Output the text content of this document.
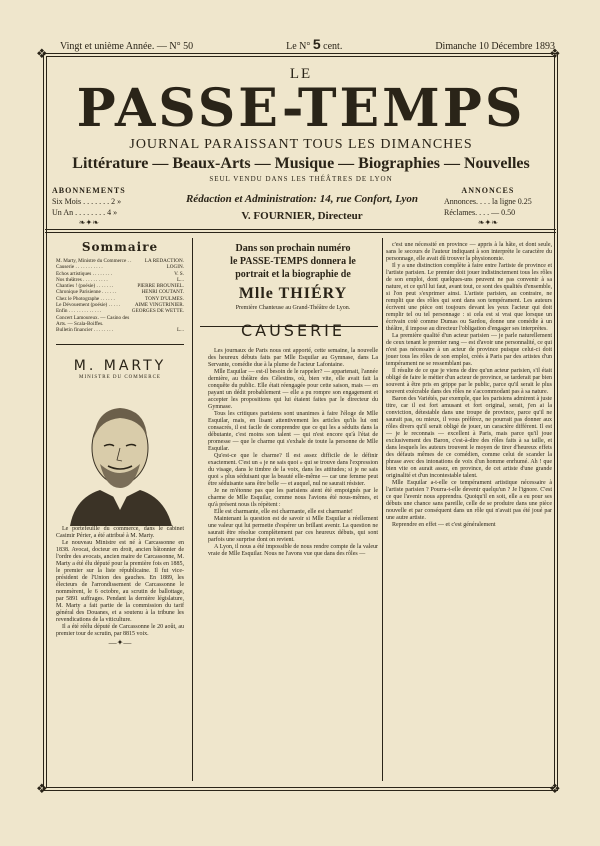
Vingt et unième Année. — N° 50	Le N° 5 cent.	Dimanche 10 Décembre 1893
❖	❖
❖	❖
LE
PASSE-TEMPS
JOURNAL PARAISSANT TOUS LES DIMANCHES
Littérature — Beaux-Arts — Musique — Biographies — Nouvelles
SEUL VENDU DANS LES THÉÂTRES DE LYON
ABONNEMENTS
Six Mois . . . . . . . 2 »
Un An . . . . . . . . 4 »
❧✦❧
ANNONCES
Annonces. . . . la ligne 0.25
Réclames. . . . — 0.50
❧✦❧
Rédaction et Administration: 14, rue Confort, Lyon
V. FOURNIER, Directeur
Sommaire
M. Marty, Ministre du Commerce . .	LA RÉDACTION.
Causerie . . . . . . . . . . .	LOGIN.
Échos artistiques . . . . . . . .	V. S.
Nos théâtres . . . . . . . . . .	L...
Chanties ! (poésie) . . . . . . .	PIERRE BROUNIEL.
Chronique Parisienne . . . . . .	HENRI COUTANT.
Chez le Photographe . . . . . .	TONY D'ULMÈS.
Le Dévouement (poésie) . . . . .	AIMÉ VINGTRINIER.
Enfin . . . . . . . . . . . . .	GEORGES DE WETTE.
Concert Lamoureux. — Casino des
Arts. — Scala-Boiffes.
Bulletin financier . . . . . . . .	L...
M. MARTY
MINISTRE DU COMMERCE

Le portefeuille du commerce, dans le cabinet Casimir Périer, a été attribué à M. Marty.

Le nouveau Ministre est né à Carcassonne en 1838. Avocat, docteur en droit, ancien bâtonnier de l'ordre des avocats, ancien maire de Carcassonne, M. Marty a été élu député pour la première fois en 1885, le premier sur la liste républicaine. Il fut vice-président de l'Union des gauches. En 1889, les électeurs de l'arrondissement de Carcassonne le nommèrent, le 6 octobre, au scrutin de ballottage, par 5891 suffrages. Pendant la dernière législature, M. Marty a fait partie de la commission du tarif général des Douanes, et a soutenu à la tribune les revendications de la viticulture.

Il a été réélu député de Carcassonne le 20 août, au premier tour de scrutin, par 8815 voix.

—✦—
Dans son prochain numéro
le PASSE-TEMPS donnera le
portrait et la biographie de
Mlle THIÉRY
Première Chanteuse au Grand-Théâtre de Lyon.
CAUSERIE

Les journaux de Paris nous ont apporté, cette semaine, la nouvelle des heureux débuts faits par Mlle Esquilar au Gymnase, dans La Servante, comédie due à la plume de l'acteur Lafontaine.

Mlle Esquilar — est-il besoin de le rappeler? — appartenait, l'année dernière, au théâtre des Célestins, où, bien vite, elle avait fait la conquête du public. Elle était réengagée pour cette saison, mais — en payant un dédit probablement — elle a pu rompre son engagement et accepter les propositions qui lui étaient faites par le directeur du Gymnase.

Tous les critiques parisiens sont unanimes à faire l'éloge de Mlle Esquilar, mais, en lisant attentivement les articles qu'ils lui ont consacrés, il est facile de comprendre que ce qui les a séduits dans la débutante, c'est moins son talent — qui n'est encore qu'à l'état de promesse — que le charme qui s'exhale de toute la personne de Mlle Esquilar.

Qu'est-ce que le charme? Il est assez difficile de le définir exactement. C'est un « je ne sais quoi » qui se trouve dans l'expression du visage, dans le timbre de la voix, dans les attitudes; si je ne sais quoi » plus séduisant que la beauté elle-même — car une femme peut être séduisante sans être belle — et auquel, nul ne saurait résister.

Je ne m'étonne pas que les parisiens aient été empoignés par le charme de Mlle Esquilar, comme nous l'avions été nous-mêmes, et qu'à présent nous ils répètent :

Elle est charmante, elle est charmante, elle est charmante!

Maintenant la question est de savoir si Mlle Esquilar a réellement une valeur qui lui permette d'espérer un brillant avenir. La question ne saurait être résolue complètement par ces heureux débuts, qui sont parfois une surprise dont on revient.

A Lyon, il nous a été impossible de nous rendre compte de la valeur vraie de Mlle Esquilar. Nous ne l'avons vue que dans des rôles —

c'est une nécessité en province — appris à la hâte, et dont seule, sans le secours de l'auteur indiquant à son interprète le caractère du personnage, elle avait dû trouver la physionomie.

Il y a une distinction complète à faire entre l'artiste de province et l'artiste parisien. Le premier doit jouer indistinctement tous les rôles de son emploi, dont quelques-uns peuvent ne pas convenir à sa nature, et ce qu'il lui faut, avant tout, ce sont des qualités d'ensemble, si l'on peut s'exprimer ainsi. L'artiste parisien, au contraire, ne remplit que des rôles qui sont dans son tempérament. Les auteurs écrivent une pièce ont toujours devant les yeux l'acteur qui doit remplir tel ou tel personnage : si cela est si vrai que lorsque un écrivain cotè comme Dumas ou Sardou, donne une comédie à un théâtre, il impose au directeur l'obligation d'engager ses interprètes.

La première qualité d'un acteur parisien — je parle naturellement de ceux tenant le premier rang — est d'avoir une personnalité, ce qui n'est pas nécessaire à un acteur de province puisque celui-ci doit jouer tous les rôles de son emploi, créés à Paris par des artistes d'un tempérament ne se ressemblant pas.

Il résulte de ce que je viens de dire qu'un acteur parisien, s'il était obligé de faire le métier d'un acteur de province, se tarderait par bien souvent à être pris en grippe par le public, parce qu'il serait le plus souvent exécrable dans des rôles ne s'accommodant pas à sa nature.

Baron des Variétés, par exemple, que les parisiens admirent à juste titre, car il est fort amusant et fort original, serait, j'en ai la conviction, détestable dans une troupe de province, parce qu'il ne saurait pas, ou mieux, il vous préférez, ne pourrait pas donner aux rôles divers qu'il serait obligé de jouer, un caractère différent. Il est — je le reconnais — excellent à Paris, mais parce qu'il joue exclusivement des Baron, c'est-à-dire des rôles faits à sa taille, et dans lesquels les auteurs trouvent le moyen de tirer d'heureux effets des défauts mêmes de ce comédien, comme celui de scander la phrase avec des intonations de voix d'un homme enrhumé. Ah ! que bien vite on aurait assez, en province, de cet artiste d'une grande originalité et d'un incontestable talent.

Mlle Esquilar a-t-elle ce tempérament artistique nécessaire à l'artiste parisien ? Pourra-t-elle devenir quelqu'un ? Je l'ignore. C'est ce que l'avenir nous apprendra. Quoiqu'il en soit, elle a eu pour ses débuts une chance sans pareille, celle de se produire dans une pièce nouvelle et par conséquent dans un rôle qui n'avait pas été joué par une autre artiste.

Reprendre en effet — et c'est généralement
